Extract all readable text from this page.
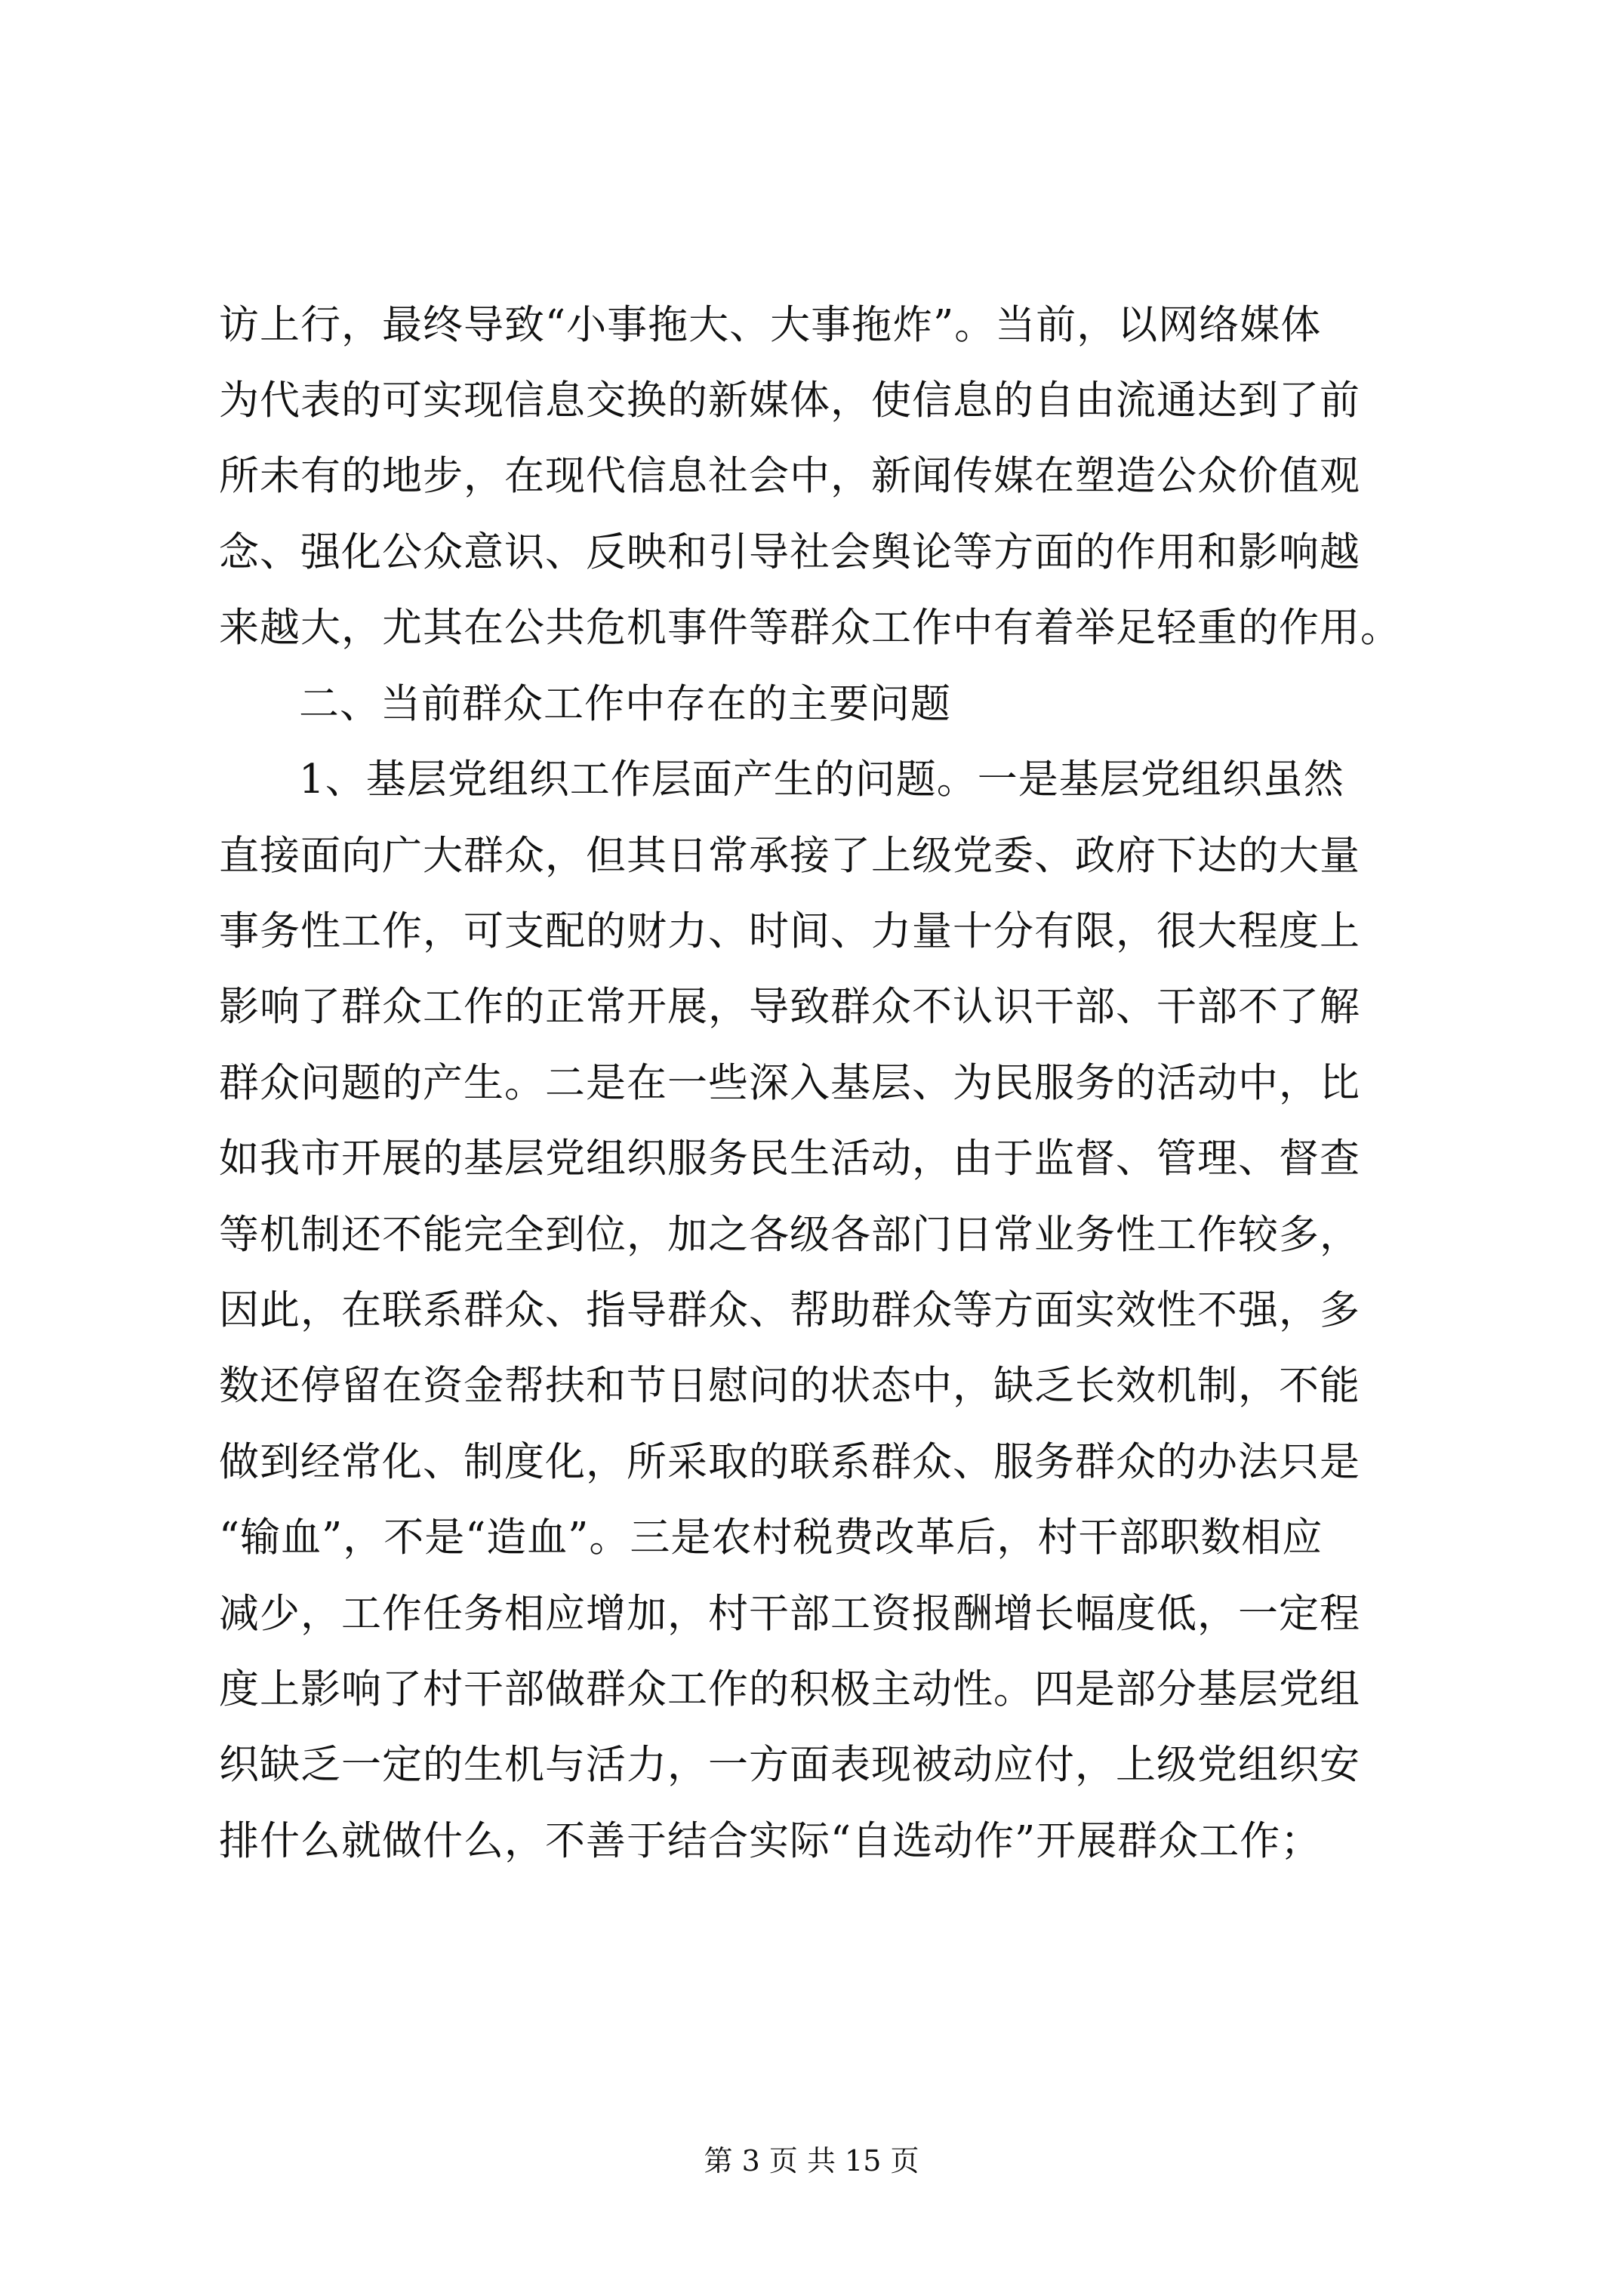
访上行，最终导致“小事拖大、大事拖炸”。当前，以网络媒体
为代表的可实现信息交换的新媒体，使信息的自由流通达到了前
所未有的地步，在现代信息社会中，新闻传媒在塑造公众价值观
念、强化公众意识、反映和引导社会舆论等方面的作用和影响越
来越大，尤其在公共危机事件等群众工作中有着举足轻重的作用。
二、当前群众工作中存在的主要问题
1、基层党组织工作层面产生的问题。一是基层党组织虽然
直接面向广大群众，但其日常承接了上级党委、政府下达的大量
事务性工作，可支配的财力、时间、力量十分有限，很大程度上
影响了群众工作的正常开展，导致群众不认识干部、干部不了解
群众问题的产生。二是在一些深入基层、为民服务的活动中，比
如我市开展的基层党组织服务民生活动，由于监督、管理、督查
等机制还不能完全到位，加之各级各部门日常业务性工作较多，
因此，在联系群众、指导群众、帮助群众等方面实效性不强，多
数还停留在资金帮扶和节日慰问的状态中，缺乏长效机制，不能
做到经常化、制度化，所采取的联系群众、服务群众的办法只是
“输血”，不是“造血”。三是农村税费改革后，村干部职数相应
减少，工作任务相应增加，村干部工资报酬增长幅度低，一定程
度上影响了村干部做群众工作的积极主动性。四是部分基层党组
织缺乏一定的生机与活力，一方面表现被动应付，上级党组织安
排什么就做什么，不善于结合实际“自选动作”开展群众工作；
第 3 页 共 15 页
